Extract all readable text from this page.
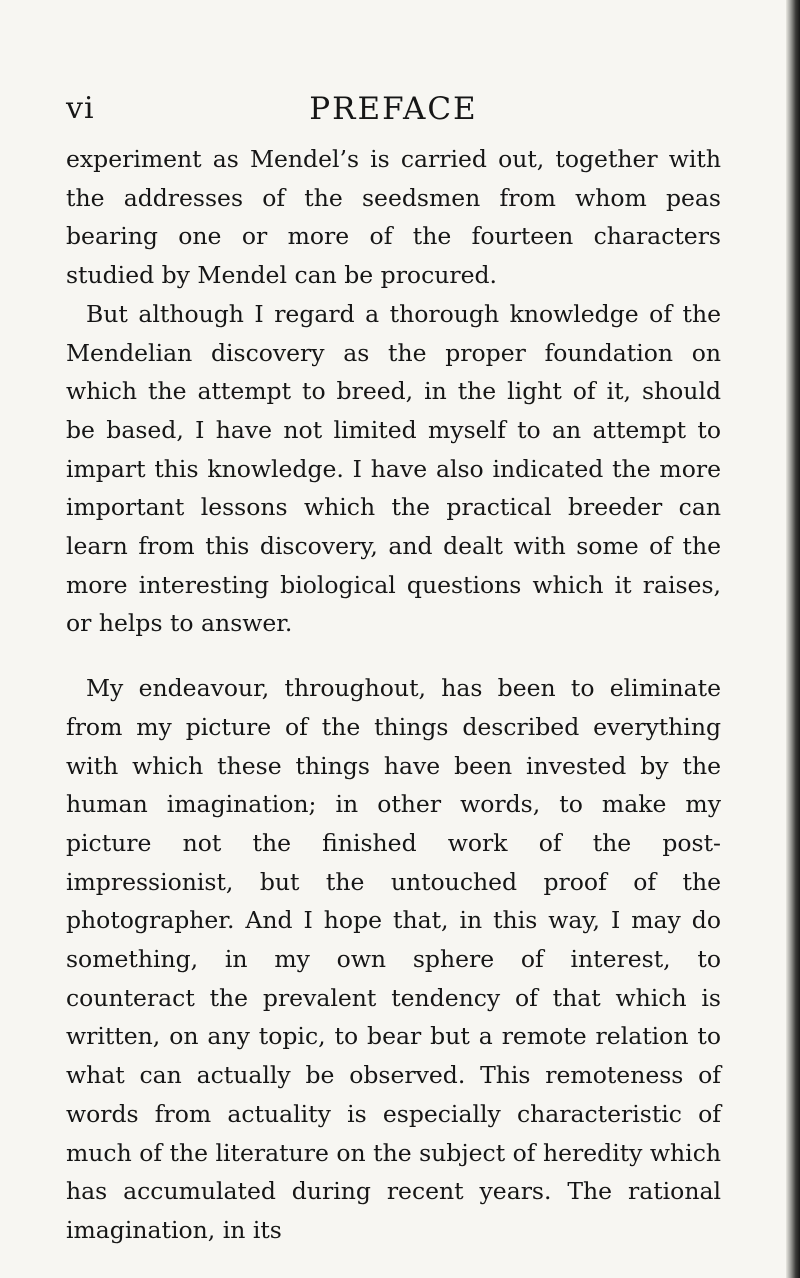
vi	PREFACE

experiment as Mendel’s is carried out, together with the addresses of the seedsmen from whom peas bearing one or more of the fourteen characters studied by Mendel can be procured.

But although I regard a thorough knowledge of the Mendelian discovery as the proper foundation on which the attempt to breed, in the light of it, should be based, I have not limited myself to an attempt to impart this knowledge. I have also indicated the more important lessons which the practical breeder can learn from this discovery, and dealt with some of the more interesting biological questions which it raises, or helps to answer.

My endeavour, throughout, has been to eliminate from my picture of the things described everything with which these things have been invested by the human imagination; in other words, to make my picture not the finished work of the post-impressionist, but the untouched proof of the photographer. And I hope that, in this way, I may do something, in my own sphere of interest, to counteract the prevalent tendency of that which is written, on any topic, to bear but a remote relation to what can actually be observed. This remoteness of words from actuality is especially characteristic of much of the literature on the subject of heredity which has accumulated during recent years. The rational imagination, in its
